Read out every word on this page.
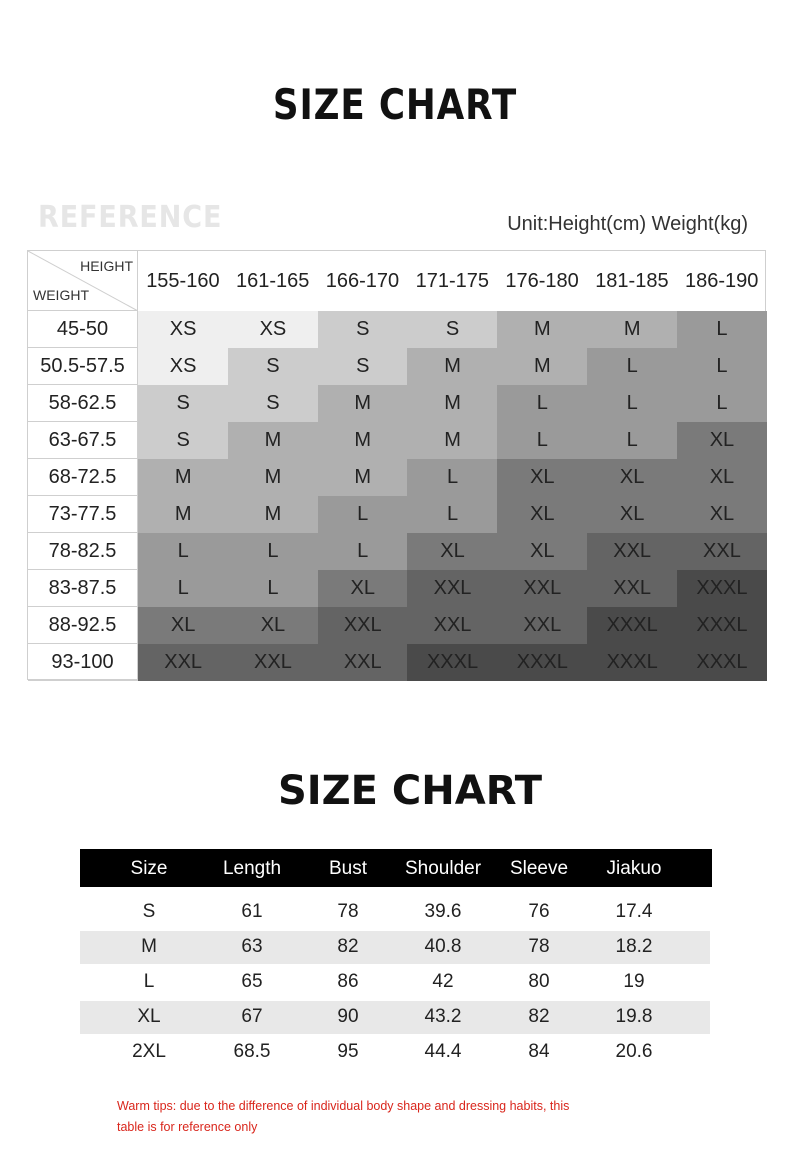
SIZE CHART
REFERENCE	Unit:Height(cm) Weight(kg)
HEIGHT
WEIGHT
155-160 161-165 166-170 171-175 176-180 181-185 186-190
45-50	XS	XS	S	S	M	M	L
50.5-57.5	XS	S	S	M	M	L	L
58-62.5	S	S	M	M	L	L	L
63-67.5	S	M	M	M	L	L	XL
68-72.5	M	M	M	L	XL	XL	XL
73-77.5	M	M	L	L	XL	XL	XL
78-82.5	L	L	L	XL	XL	XXL	XXL
83-87.5	L	L	XL	XXL	XXL	XXL	XXXL
88-92.5	XL	XL	XXL	XXL	XXL	XXXL	XXXL
93-100	XXL	XXL	XXL	XXXL	XXXL	XXXL	XXXL
SIZE CHART
Size	Length	Bust	Shoulder	Sleeve	Jiakuo
S	61	78	39.6	76	17.4
M	63	82	40.8	78	18.2
L	65	86	42	80	19
XL	67	90	43.2	82	19.8
2XL	68.5	95	44.4	84	20.6
Warm tips: due to the difference of individual body shape and dressing habits, this
table is for reference only
